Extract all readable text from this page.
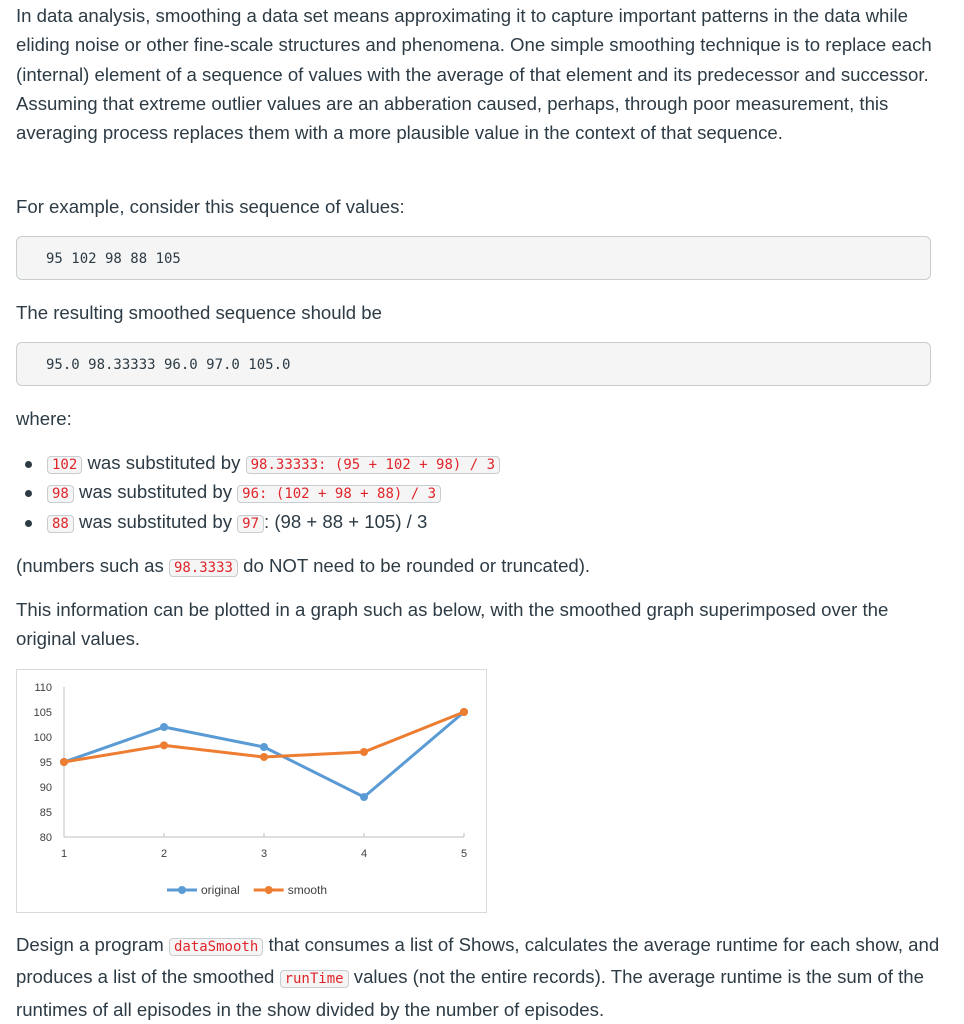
In data analysis, smoothing a data set means approximating it to capture important patterns in the data while eliding noise or other fine-scale structures and phenomena. One simple smoothing technique is to replace each (internal) element of a sequence of values with the average of that element and its predecessor and successor. Assuming that extreme outlier values are an abberation caused, perhaps, through poor measurement, this averaging process replaces them with a more plausible value in the context of that sequence.

For example, consider this sequence of values:

95 102 98 88 105

The resulting smoothed sequence should be

95.0 98.33333 96.0 97.0 105.0

where:

102 was substituted by 98.33333: (95 + 102 + 98) / 3
98 was substituted by 96: (102 + 98 + 88) / 3
88 was substituted by 97 : (98 + 88 + 105) / 3

(numbers such as 98.3333 do NOT need to be rounded or truncated).

This information can be plotted in a graph such as below, with the smoothed graph superimposed over the original values.

80
85
90
95
100
105
110
1	2	3	4	5
original	smooth

Design a program dataSmooth that consumes a list of Shows, calculates the average runtime for each show, and produces a list of the smoothed runTime values (not the entire records). The average runtime is the sum of the runtimes of all episodes in the show divided by the number of episodes.
